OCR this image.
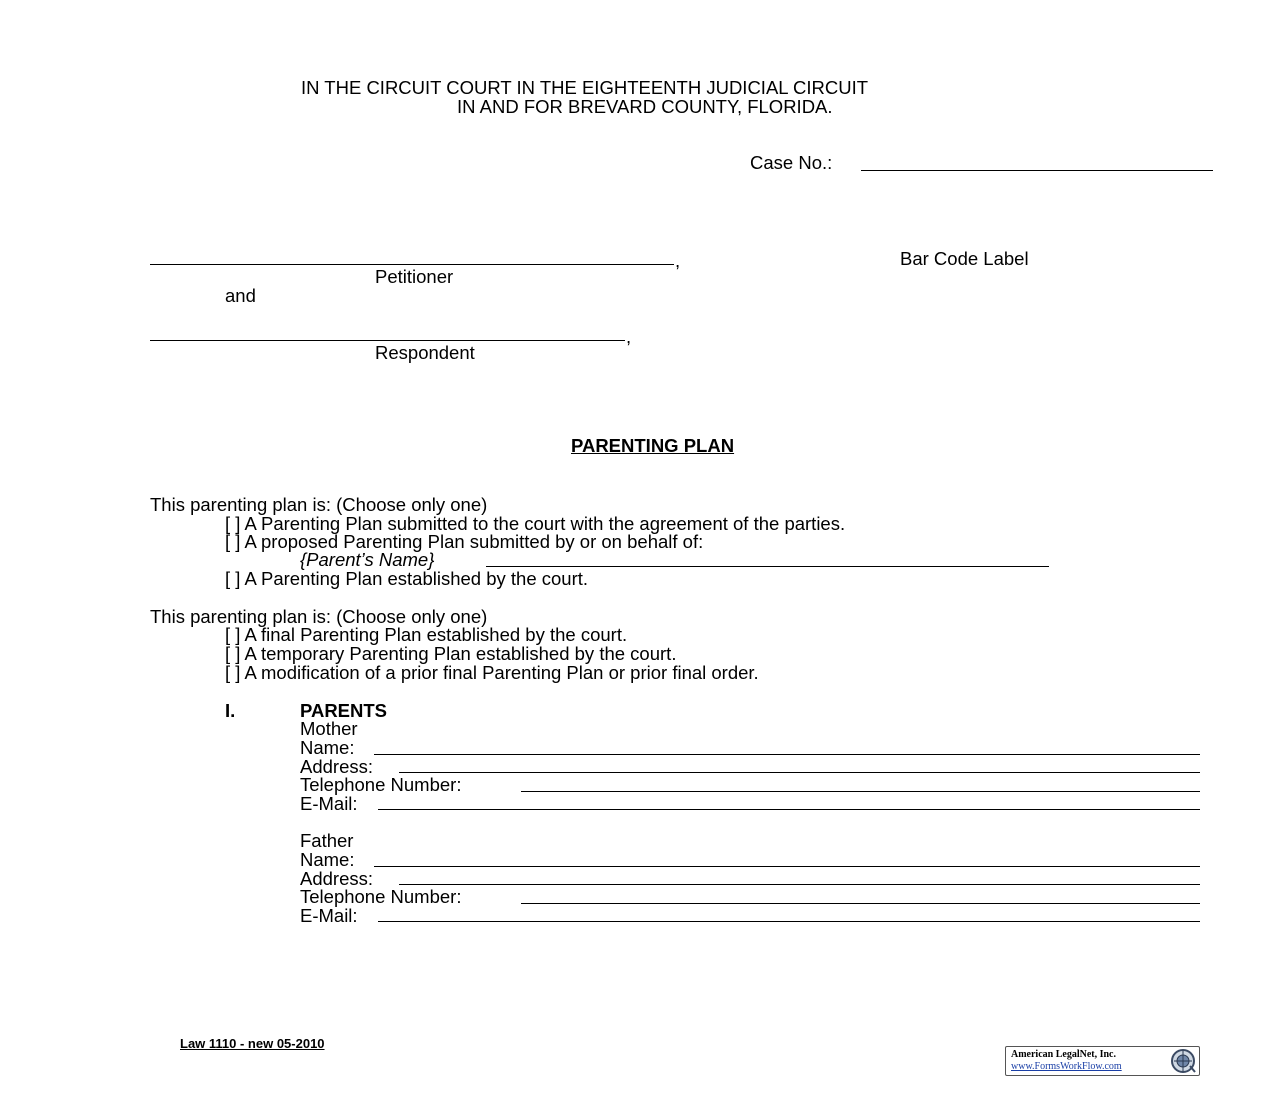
IN THE CIRCUIT COURT IN THE EIGHTEENTH JUDICIAL CIRCUIT
IN AND FOR BREVARD COUNTY, FLORIDA.
Case No.:
,
Petitioner
Bar Code Label
and
,
Respondent
PARENTING PLAN
This parenting plan is: (Choose only one)
[ ] A Parenting Plan submitted to the court with the agreement of the parties.
[ ] A proposed Parenting Plan submitted by or on behalf of:
{Parent’s Name}
[ ] A Parenting Plan established by the court.
This parenting plan is: (Choose only one)
[ ] A final Parenting Plan established by the court.
[ ] A temporary Parenting Plan established by the court.
[ ] A modification of a prior final Parenting Plan or prior final order.
I.	PARENTS
Mother
Name:
Address:
Telephone Number:
E-Mail:
Father
Name:
Address:
Telephone Number:
E-Mail:
Law 1110 - new 05-2010
American LegalNet, Inc.
www.FormsWorkFlow.com
